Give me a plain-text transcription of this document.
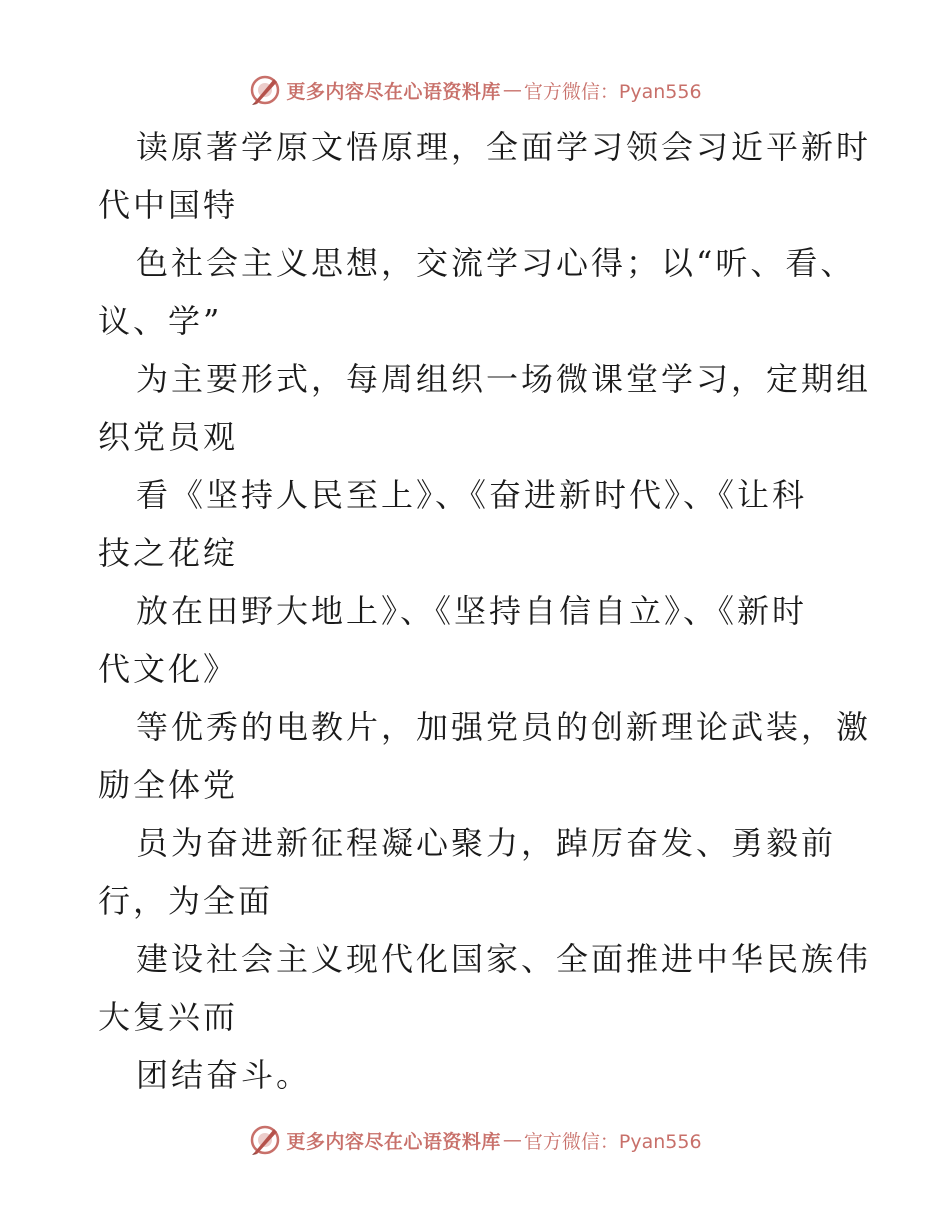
更多内容尽在心语资料库 — 官方微信：Pyan556
读原著学原文悟原理，全面学习领会习近平新时
代中国特
色社会主义思想，交流学习心得；以“听、看、
议、学”
为主要形式，每周组织一场微课堂学习，定期组
织党员观
看《坚持人民至上》、《奋进新时代》、《让科
技之花绽
放在田野大地上》、《坚持自信自立》、《新时
代文化》
等优秀的电教片，加强党员的创新理论武装，激
励全体党
员为奋进新征程凝心聚力，踔厉奋发、勇毅前
行，为全面
建设社会主义现代化国家、全面推进中华民族伟
大复兴而
团结奋斗。
更多内容尽在心语资料库 — 官方微信：Pyan556
